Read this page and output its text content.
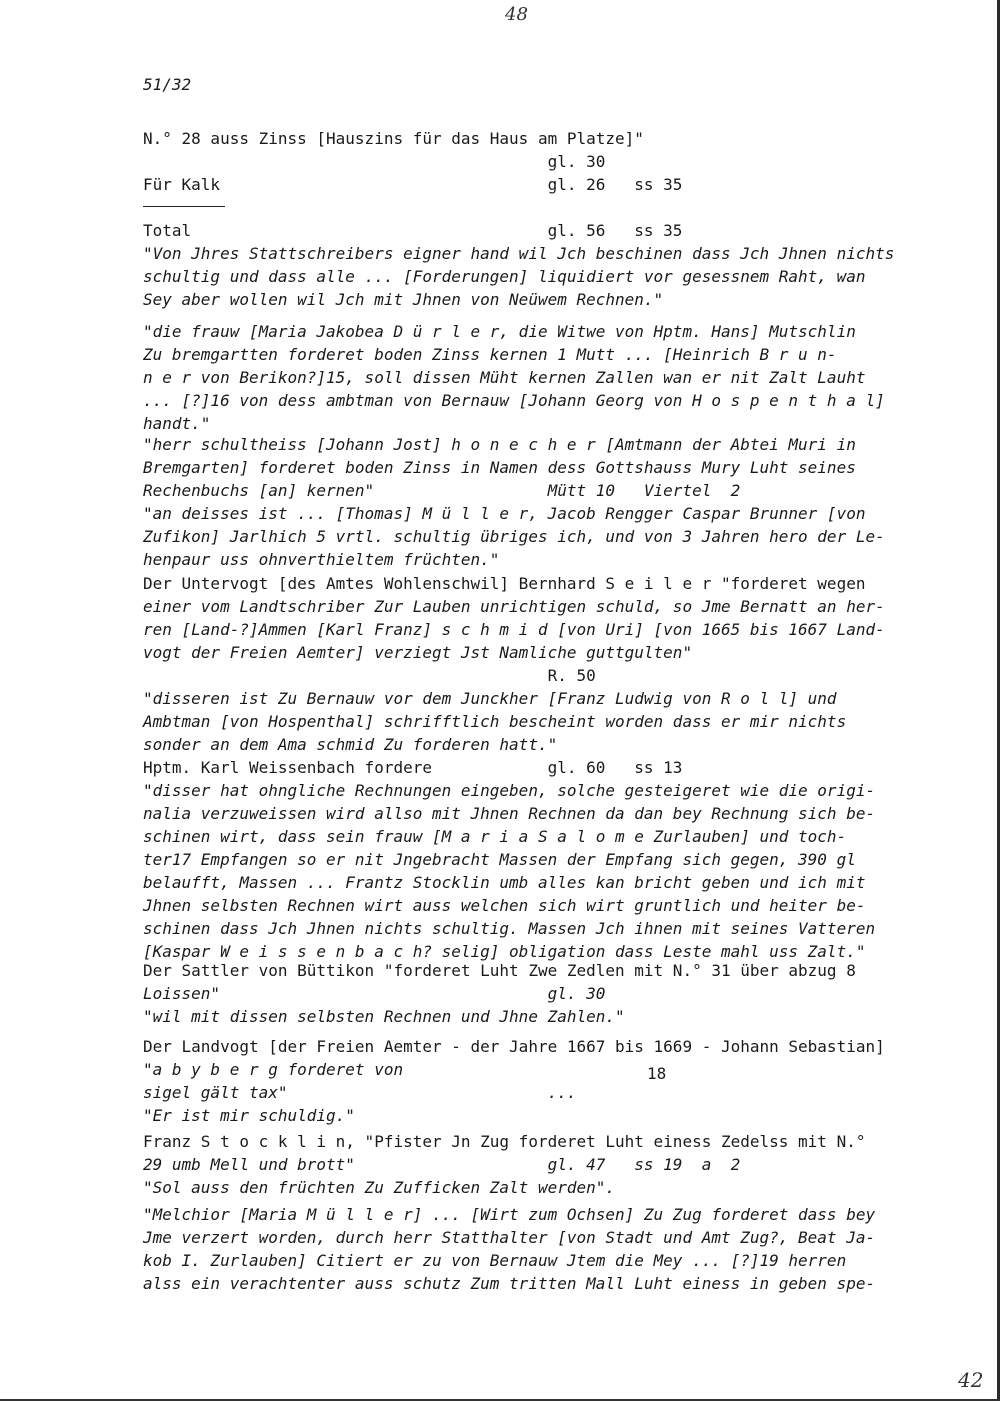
48
42
51/32
N.° 28 auss Zinss [Hauszins für das Haus am Platze]"
gl. 30
Für Kalk                                  gl. 26   ss 35

Total                                     gl. 56   ss 35
"Von Jhres Stattschreibers eigner hand wil Jch beschinen dass Jch Jhnen nichts
schultig und dass alle ... [Forderungen] liquidiert vor gesessnem Raht, wan
Sey aber wollen wil Jch mit Jhnen von Neüwem Rechnen."
"die frauw [Maria Jakobea D ü r l e r, die Witwe von Hptm. Hans] Mutschlin
Zu bremgartten forderet boden Zinss kernen 1 Mutt ... [Heinrich B r u n-
n e r von Berikon?]15, soll dissen Müht kernen Zallen wan er nit Zalt Lauht
... [?]16 von dess ambtman von Bernauw [Johann Georg von H o s p e n t h a l]
handt."
"herr schultheiss [Johann Jost] h o n e c h e r [Amtmann der Abtei Muri in
Bremgarten] forderet boden Zinss in Namen dess Gottshauss Mury Luht seines
Rechenbuchs [an] kernen"                  Mütt 10   Viertel  2
"an deisses ist ... [Thomas] M ü l l e r, Jacob Rengger Caspar Brunner [von
Zufikon] Jarlhich 5 vrtl. schultig übriges ich, und von 3 Jahren hero der Le-
henpaur uss ohnverthieltem früchten."
Der Untervogt [des Amtes Wohlenschwil] Bernhard S e i l e r "forderet wegen
einer vom Landtschriber Zur Lauben unrichtigen schuld, so Jme Bernatt an her-
ren [Land-?]Ammen [Karl Franz] s c h m i d [von Uri] [von 1665 bis 1667 Land-
vogt der Freien Aemter] verziegt Jst Namliche guttgulten"
R. 50
"disseren ist Zu Bernauw vor dem Junckher [Franz Ludwig von R o l l] und
Ambtman [von Hospenthal] schrifftlich bescheint worden dass er mir nichts
sonder an dem Ama schmid Zu forderen hatt."
Hptm. Karl Weissenbach fordere            gl. 60   ss 13
"disser hat ohngliche Rechnungen eingeben, solche gesteigeret wie die origi-
nalia verzuweissen wird allso mit Jhnen Rechnen da dan bey Rechnung sich be-
schinen wirt, dass sein frauw [M a r i a S a l o m e Zurlauben] und toch-
ter17 Empfangen so er nit Jngebracht Massen der Empfang sich gegen, 390 gl
belaufft, Massen ... Frantz Stocklin umb alles kan bricht geben und ich mit
Jhnen selbsten Rechnen wirt auss welchen sich wirt gruntlich und heiter be-
schinen dass Jch Jhnen nichts schultig. Massen Jch ihnen mit seines Vatteren
[Kaspar W e i s s e n b a c h? selig] obligation dass Leste mahl uss Zalt."
Der Sattler von Büttikon "forderet Luht Zwe Zedlen mit N.° 31 über abzug 8
Loissen"                                  gl. 30
"wil mit dissen selbsten Rechnen und Jhne Zahlen."
Der Landvogt [der Freien Aemter - der Jahre 1667 bis 1669 - Johann Sebastian]
"a b y b e r g forderet von
sigel gält tax"                           ...
"Er ist mir schuldig."
Franz S t o c k l i n, "Pfister Jn Zug forderet Luht einess Zedelss mit N.°
29 umb Mell und brott"                    gl. 47   ss 19  a  2
"Sol auss den früchten Zu Zufficken Zalt werden".
"Melchior [Maria M ü l l e r] ... [Wirt zum Ochsen] Zu Zug forderet dass bey
Jme verzert worden, durch herr Statthalter [von Stadt und Amt Zug?, Beat Ja-
kob I. Zurlauben] Citiert er zu von Bernauw Jtem die Mey ... [?]19 herren
alss ein verachtenter auss schutz Zum tritten Mall Luht einess in geben spe-
18
